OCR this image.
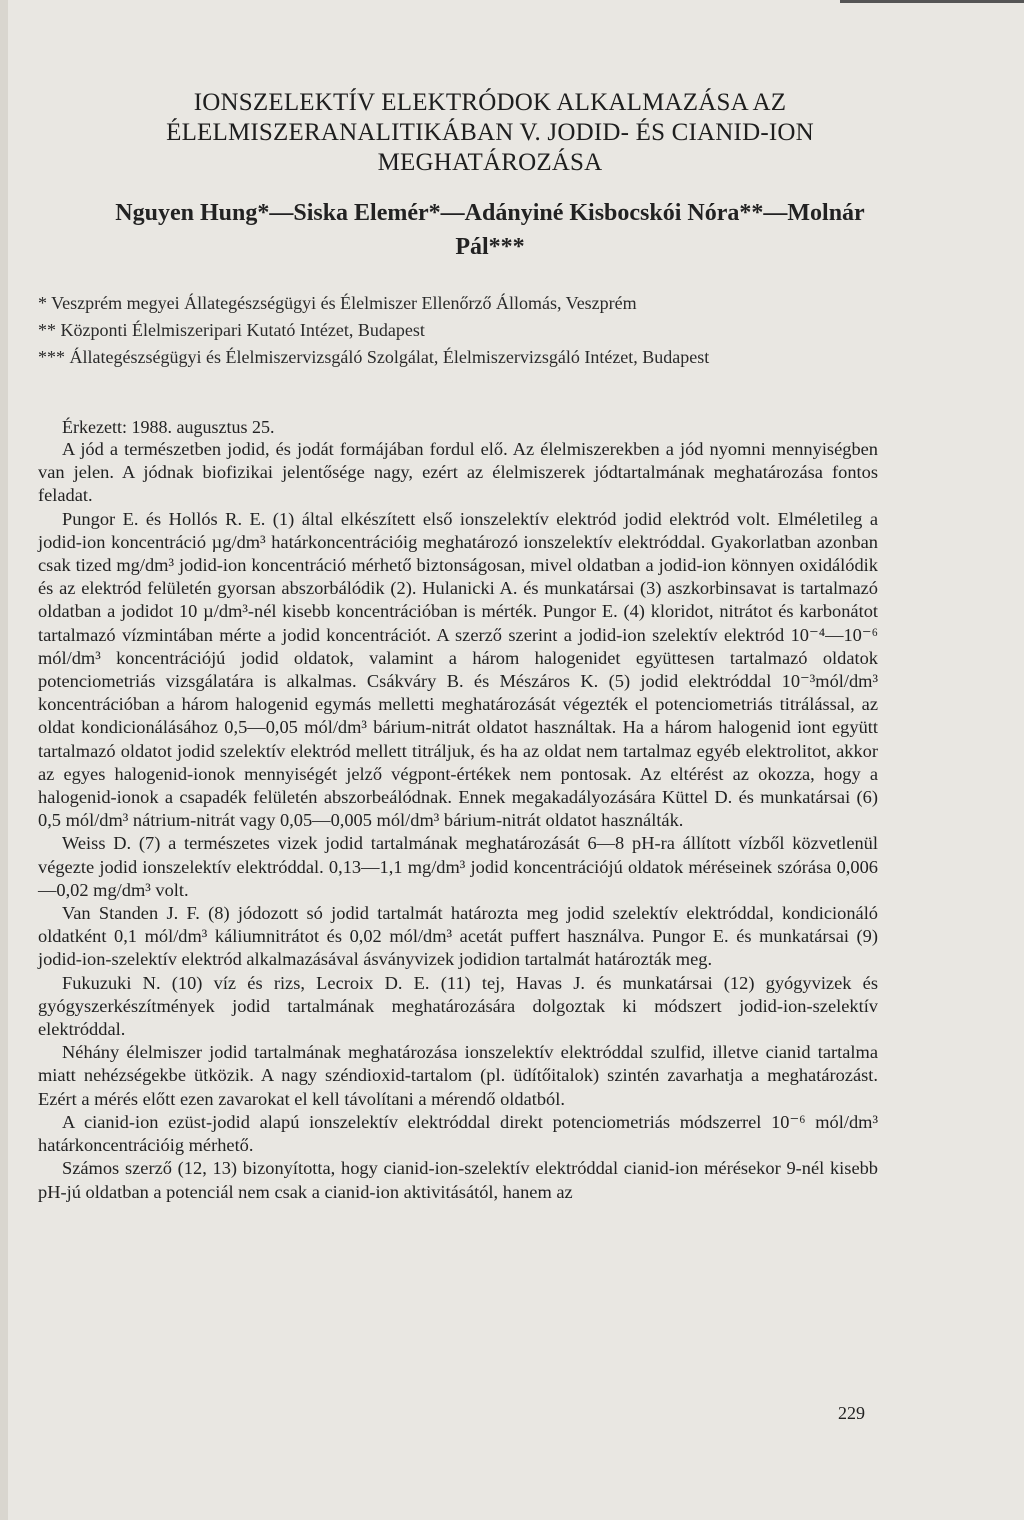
IONSZELEKTÍV ELEKTRÓDOK ALKALMAZÁSA AZ
ÉLELMISZERANALITIKÁBAN V. JODID- ÉS CIANID-ION
MEGHATÁROZÁSA
Nguyen Hung*—Siska Elemér*—Adányiné Kisbocskói Nóra**—Molnár
Pál***
* Veszprém megyei Állategészségügyi és Élelmiszer Ellenőrző Állomás, Veszprém
** Központi Élelmiszeripari Kutató Intézet, Budapest
*** Állategészségügyi és Élelmiszervizsgáló Szolgálat, Élelmiszervizsgáló Intézet, Budapest
Érkezett: 1988. augusztus 25.

A jód a természetben jodid, és jodát formájában fordul elő. Az élelmiszerekben a jód nyomni mennyiségben van jelen. A jódnak biofizikai jelentősége nagy, ezért az élelmiszerek jódtartalmának meghatározása fontos feladat.

Pungor E. és Hollós R. E. (1) által elkészített első ionszelektív elektród jodid elektród volt. Elméletileg a jodid-ion koncentráció µg/dm³ határkoncentrációig meghatározó ionszelektív elektróddal. Gyakorlatban azonban csak tized mg/dm³ jodid-ion koncentráció mérhető biztonságosan, mivel oldatban a jodid-ion könnyen oxidálódik és az elektród felületén gyorsan abszorbálódik (2). Hulanicki A. és munkatársai (3) aszkorbinsavat is tartalmazó oldatban a jodidot 10 µ/dm³-nél kisebb koncentrációban is mérték. Pungor E. (4) kloridot, nitrátot és karbonátot tartalmazó vízmintában mérte a jodid koncentrációt. A szerző szerint a jodid-ion szelektív elektród 10⁻⁴—10⁻⁶ mól/dm³ koncentrációjú jodid oldatok, valamint a három halogenidet együttesen tartalmazó oldatok potenciometriás vizsgálatára is alkalmas. Csákváry B. és Mészáros K. (5) jodid elektróddal 10⁻³mól/dm³ koncentrációban a három halogenid egymás melletti meghatározását végezték el potenciometriás titrálással, az oldat kondicionálásához 0,5—0,05 mól/dm³ bárium-nitrát oldatot használtak. Ha a három halogenid iont együtt tartalmazó oldatot jodid szelektív elektród mellett titráljuk, és ha az oldat nem tartalmaz egyéb elektrolitot, akkor az egyes halogenid-ionok mennyiségét jelző végpont-értékek nem pontosak. Az eltérést az okozza, hogy a halogenid-ionok a csapadék felületén abszorbeálódnak. Ennek megakadályozására Küttel D. és munkatársai (6) 0,5 mól/dm³ nátrium-nitrát vagy 0,05—0,005 mól/dm³ bárium-nitrát oldatot használták.

Weiss D. (7) a természetes vizek jodid tartalmának meghatározását 6—8 pH-ra állított vízből közvetlenül végezte jodid ionszelektív elektróddal. 0,13—1,1 mg/dm³ jodid koncentrációjú oldatok méréseinek szórása 0,006—0,02 mg/dm³ volt.

Van Standen J. F. (8) jódozott só jodid tartalmát határozta meg jodid szelektív elektróddal, kondicionáló oldatként 0,1 mól/dm³ káliumnitrátot és 0,02 mól/dm³ acetát puffert használva. Pungor E. és munkatársai (9) jodid-ion-szelektív elektród alkalmazásával ásványvizek jodidion tartalmát határozták meg.

Fukuzuki N. (10) víz és rizs, Lecroix D. E. (11) tej, Havas J. és munkatársai (12) gyógyvizek és gyógyszerkészítmények jodid tartalmának meghatározására dolgoztak ki módszert jodid-ion-szelektív elektróddal.

Néhány élelmiszer jodid tartalmának meghatározása ionszelektív elektróddal szulfid, illetve cianid tartalma miatt nehézségekbe ütközik. A nagy széndioxid-tartalom (pl. üdítőitalok) szintén zavarhatja a meghatározást. Ezért a mérés előtt ezen zavarokat el kell távolítani a mérendő oldatból.

A cianid-ion ezüst-jodid alapú ionszelektív elektróddal direkt potenciometriás módszerrel 10⁻⁶ mól/dm³ határkoncentrációig mérhető.

Számos szerző (12, 13) bizonyította, hogy cianid-ion-szelektív elektróddal cianid-ion mérésekor 9-nél kisebb pH-jú oldatban a potenciál nem csak a cianid-ion aktivitásától, hanem az

229
